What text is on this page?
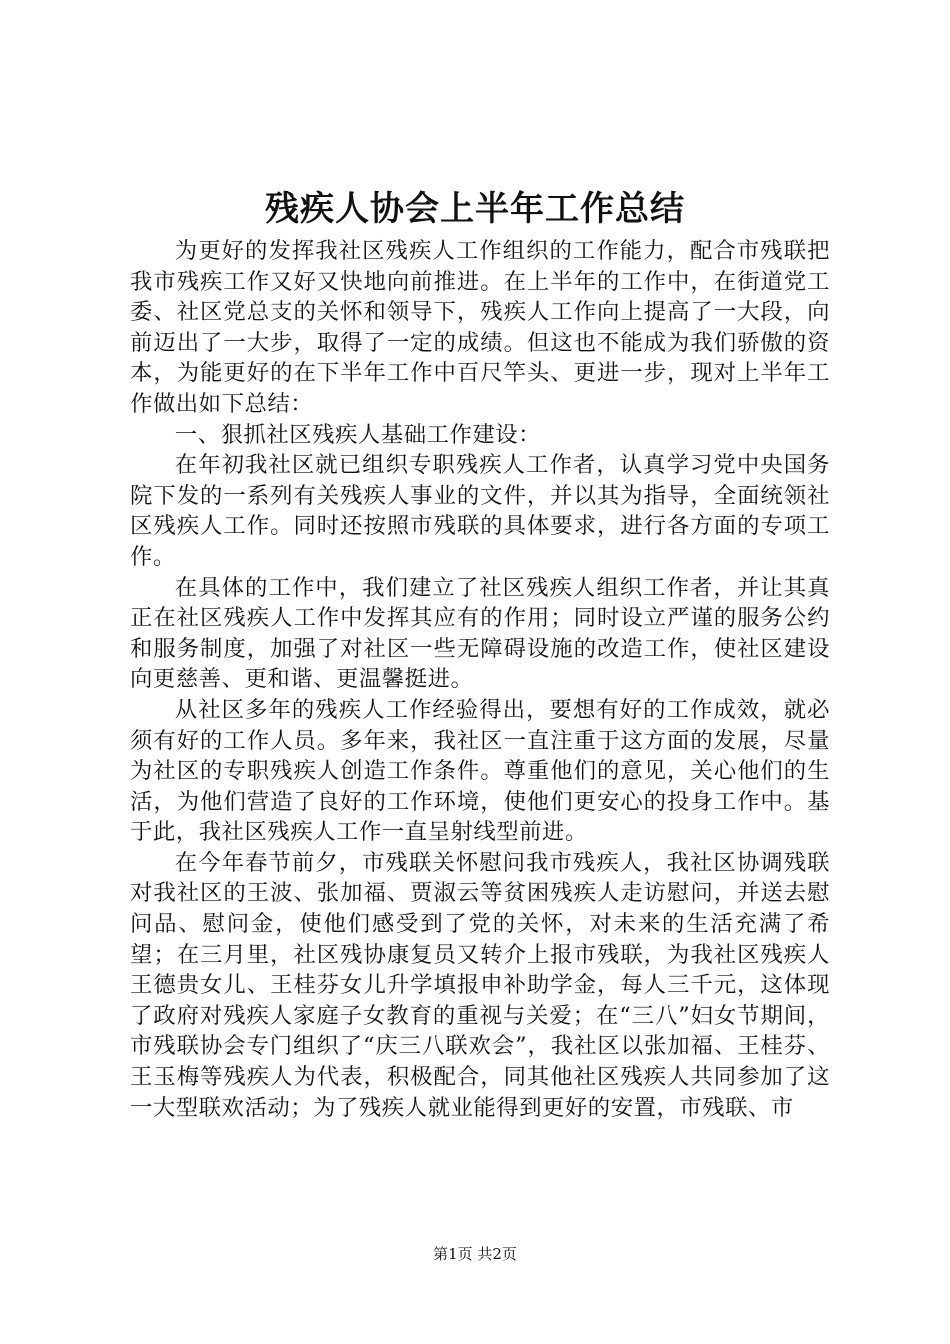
残疾人协会上半年工作总结

为更好的发挥我社区残疾人工作组织的工作能力，配合市残联把我市残疾工作又好又快地向前推进。在上半年的工作中，在街道党工委、社区党总支的关怀和领导下，残疾人工作向上提高了一大段，向前迈出了一大步，取得了一定的成绩。但这也不能成为我们骄傲的资本，为能更好的在下半年工作中百尺竿头、更进一步，现对上半年工作做出如下总结：

一、狠抓社区残疾人基础工作建设：

在年初我社区就已组织专职残疾人工作者，认真学习党中央国务院下发的一系列有关残疾人事业的文件，并以其为指导，全面统领社区残疾人工作。同时还按照市残联的具体要求，进行各方面的专项工作。

在具体的工作中，我们建立了社区残疾人组织工作者，并让其真正在社区残疾人工作中发挥其应有的作用；同时设立严谨的服务公约和服务制度，加强了对社区一些无障碍设施的改造工作，使社区建设向更慈善、更和谐、更温馨挺进。

从社区多年的残疾人工作经验得出，要想有好的工作成效，就必须有好的工作人员。多年来，我社区一直注重于这方面的发展，尽量为社区的专职残疾人创造工作条件。尊重他们的意见，关心他们的生活，为他们营造了良好的工作环境，使他们更安心的投身工作中。基于此，我社区残疾人工作一直呈射线型前进。

在今年春节前夕，市残联关怀慰问我市残疾人，我社区协调残联对我社区的王波、张加福、贾淑云等贫困残疾人走访慰问，并送去慰问品、慰问金，使他们感受到了党的关怀，对未来的生活充满了希望；在三月里，社区残协康复员又转介上报市残联，为我社区残疾人王德贵女儿、王桂芬女儿升学填报申补助学金，每人三千元，这体现了政府对残疾人家庭子女教育的重视与关爱；在“三八”妇女节期间，市残联协会专门组织了“庆三八联欢会”，我社区以张加福、王桂芬、王玉梅等残疾人为代表，积极配合，同其他社区残疾人共同参加了这一大型联欢活动；为了残疾人就业能得到更好的安置，市残联、市

第1页 共2页
